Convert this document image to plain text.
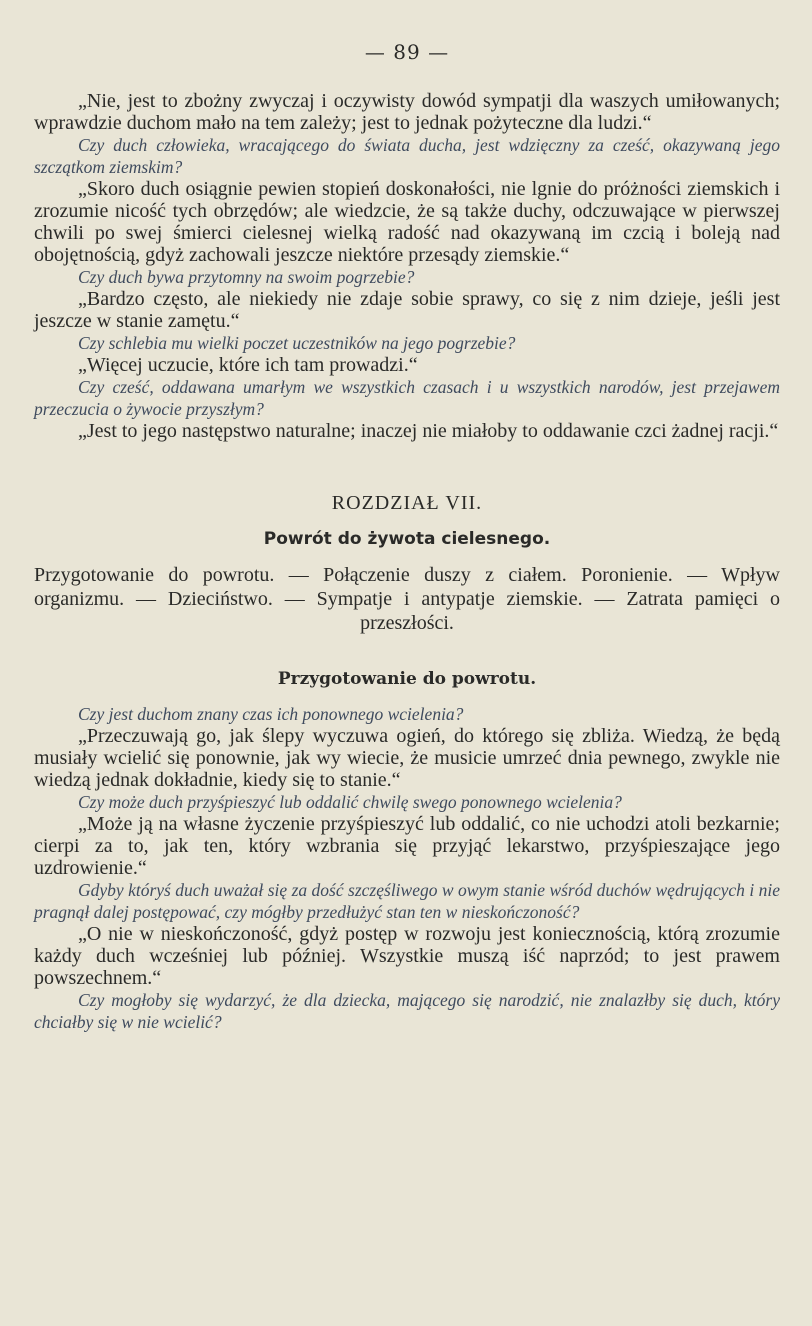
— 89 —

„Nie, jest to zbożny zwyczaj i oczywisty dowód sympatji dla waszych umiłowanych; wprawdzie duchom mało na tem zależy; jest to jednak pożyteczne dla ludzi.“

Czy duch człowieka, wracającego do świata ducha, jest wdzięczny za cześć, okazywaną jego szczątkom ziemskim?

„Skoro duch osiągnie pewien stopień doskonałości, nie lgnie do próżności ziemskich i zrozumie nicość tych obrzędów; ale wiedzcie, że są także duchy, odczuwające w pierwszej chwili po swej śmierci cielesnej wielką radość nad okazywaną im czcią i boleją nad obojętnością, gdyż zachowali jeszcze niektóre przesądy ziemskie.“

Czy duch bywa przytomny na swoim pogrzebie?

„Bardzo często, ale niekiedy nie zdaje sobie sprawy, co się z nim dzieje, jeśli jest jeszcze w stanie zamętu.“

Czy schlebia mu wielki poczet uczestników na jego pogrzebie?

„Więcej uczucie, które ich tam prowadzi.“

Czy cześć, oddawana umarłym we wszystkich czasach i u wszystkich narodów, jest przejawem przeczucia o żywocie przyszłym?

„Jest to jego następstwo naturalne; inaczej nie miałoby to oddawanie czci żadnej racji.“

ROZDZIAŁ VII.
Powrót do żywota cielesnego.

Przygotowanie do powrotu. — Połączenie duszy z ciałem. Poronienie. — Wpływ organizmu. — Dzieciństwo. — Sympatje i antypatje ziemskie. — Zatrata pamięci o przeszłości.

Przygotowanie do powrotu.

Czy jest duchom znany czas ich ponownego wcielenia?

„Przeczuwają go, jak ślepy wyczuwa ogień, do którego się zbliża. Wiedzą, że będą musiały wcielić się ponownie, jak wy wiecie, że musicie umrzeć dnia pewnego, zwykle nie wiedzą jednak dokładnie, kiedy się to stanie.“

Czy może duch przyśpieszyć lub oddalić chwilę swego ponownego wcielenia?

„Może ją na własne życzenie przyśpieszyć lub oddalić, co nie uchodzi atoli bezkarnie; cierpi za to, jak ten, który wzbrania się przyjąć lekarstwo, przyśpieszające jego uzdrowienie.“

Gdyby któryś duch uważał się za dość szczęśliwego w owym stanie wśród duchów wędrujących i nie pragnął dalej postępować, czy mógłby przedłużyć stan ten w nieskończoność?

„O nie w nieskończoność, gdyż postęp w rozwoju jest koniecznością, którą zrozumie każdy duch wcześniej lub później. Wszystkie muszą iść naprzód; to jest prawem powszechnem.“

Czy mogłoby się wydarzyć, że dla dziecka, mającego się narodzić, nie znalazłby się duch, który chciałby się w nie wcielić?
